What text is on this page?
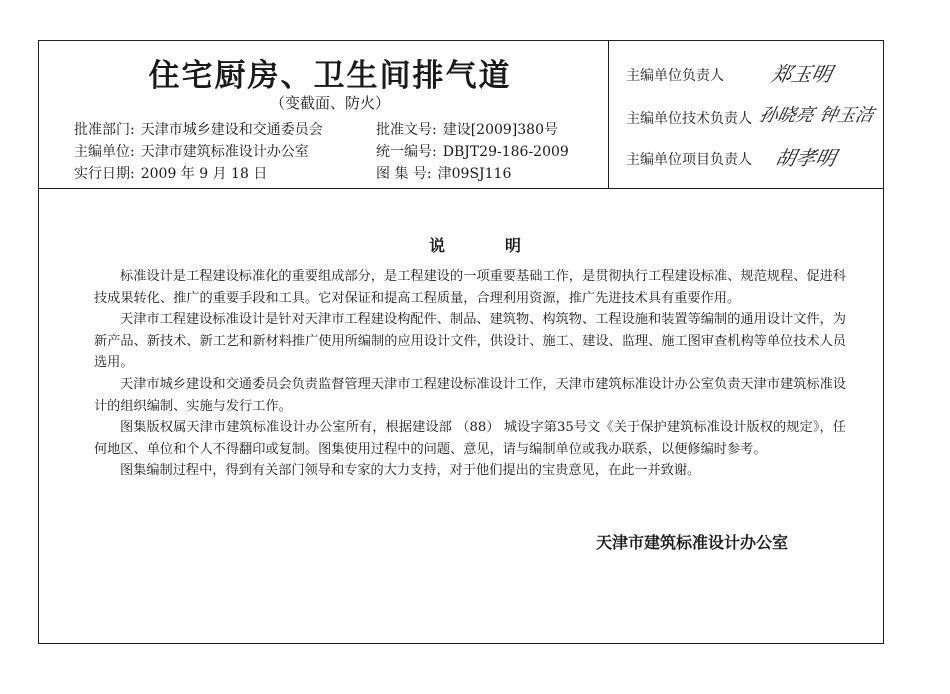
住宅厨房、卫生间排气道
（变截面、防火）
批准部门: 天津市城乡建设和交通委员会
主编单位: 天津市建筑标准设计办公室
实行日期: 2009 年 9 月 18 日
批准文号: 建设[2009]380号
统一编号: DBJT29-186-2009
图 集 号: 津09SJ116
主编单位负责人 郑玉明
主编单位技术负责人 孙晓亮 钟玉洁
主编单位项目负责人 胡孝明
说	明

标准设计是工程建设标准化的重要组成部分，是工程建设的一项重要基础工作，是贯彻执行工程建设标准、规范规程、促进科技成果转化、推广的重要手段和工具。它对保证和提高工程质量，合理利用资源，推广先进技术具有重要作用。

天津市工程建设标准设计是针对天津市工程建设构配件、制品、建筑物、构筑物、工程设施和装置等编制的通用设计文件，为新产品、新技术、新工艺和新材料推广使用所编制的应用设计文件，供设计、施工、建设、监理、施工图审查机构等单位技术人员选用。

天津市城乡建设和交通委员会负责监督管理天津市工程建设标准设计工作，天津市建筑标准设计办公室负责天津市建筑标准设计的组织编制、实施与发行工作。

图集版权属天津市建筑标准设计办公室所有，根据建设部 （88） 城设字第35号文《关于保护建筑标准设计版权的规定》，任何地区、单位和个人不得翻印或复制。图集使用过程中的问题、意见，请与编制单位或我办联系，以便修编时参考。

图集编制过程中，得到有关部门领导和专家的大力支持，对于他们提出的宝贵意见，在此一并致谢。

天津市建筑标准设计办公室
